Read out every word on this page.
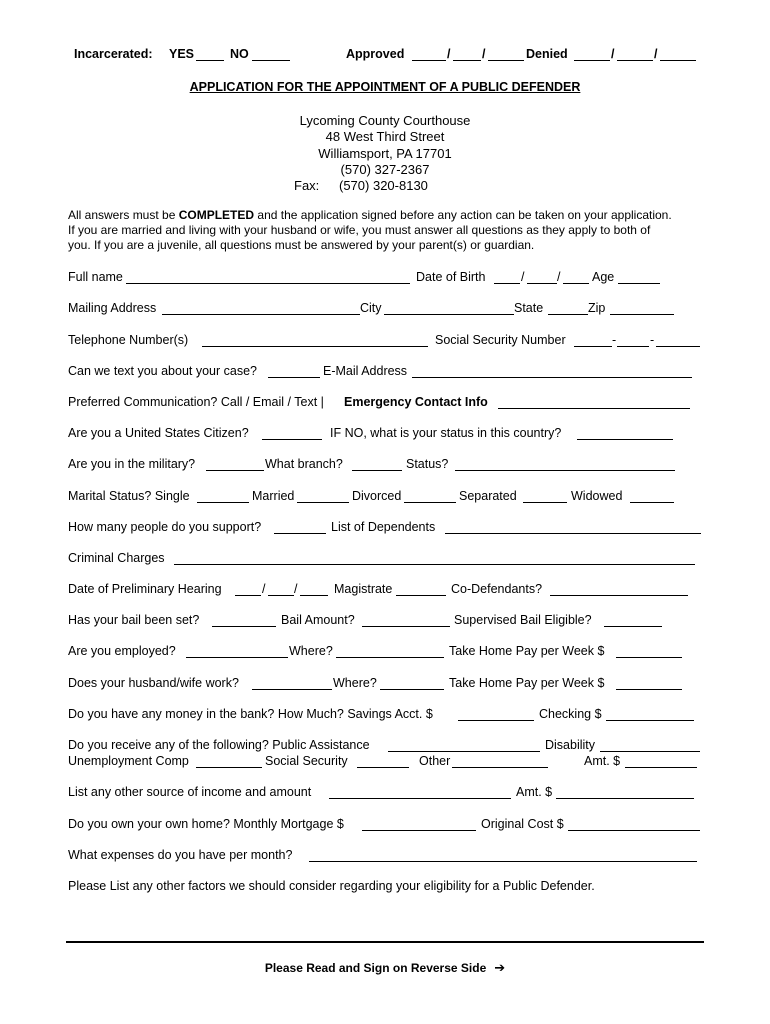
Incarcerated: YES	NO	Approved	/	/	Denied	/	/
APPLICATION FOR THE APPOINTMENT OF A PUBLIC DEFENDER
Lycoming County Courthouse
48 West Third Street
Williamsport, PA 17701
(570) 327-2367
Fax: (570) 320-8130
All answers must be COMPLETED and the application signed before any action can be taken on your application.
If you are married and living with your husband or wife, you must answer all questions as they apply to both of
you. If you are a juvenile, all questions must be answered by your parent(s) or guardian.
Full name	Date of Birth	/	/	Age
Mailing Address	City	State	Zip
Telephone Number(s)	Social Security Number	-	-
Can we text you about your case?	E-Mail Address
Preferred Communication? Call / Email / Text | Emergency Contact Info
Are you a United States Citizen?	IF NO, what is your status in this country?
Are you in the military?	What branch?	Status?
Marital Status? Single	Married	Divorced	Separated	Widowed
How many people do you support?	List of Dependents
Criminal Charges
Date of Preliminary Hearing	/ /	Magistrate	Co-Defendants?
Has your bail been set?	Bail Amount?	Supervised Bail Eligible?
Are you employed?	Where?	Take Home Pay per Week $
Does your husband/wife work?	Where?	Take Home Pay per Week $
Do you have any money in the bank? How Much? Savings Acct. $	Checking $
Do you receive any of the following? Public Assistance	Disability
Unemployment Comp	Social Security	Other	Amt. $
List any other source of income and amount	Amt. $
Do you own your own home? Monthly Mortgage $	Original Cost $
What expenses do you have per month?
Please List any other factors we should consider regarding your eligibility for a Public Defender.
Please Read and Sign on Reverse Side ➔
